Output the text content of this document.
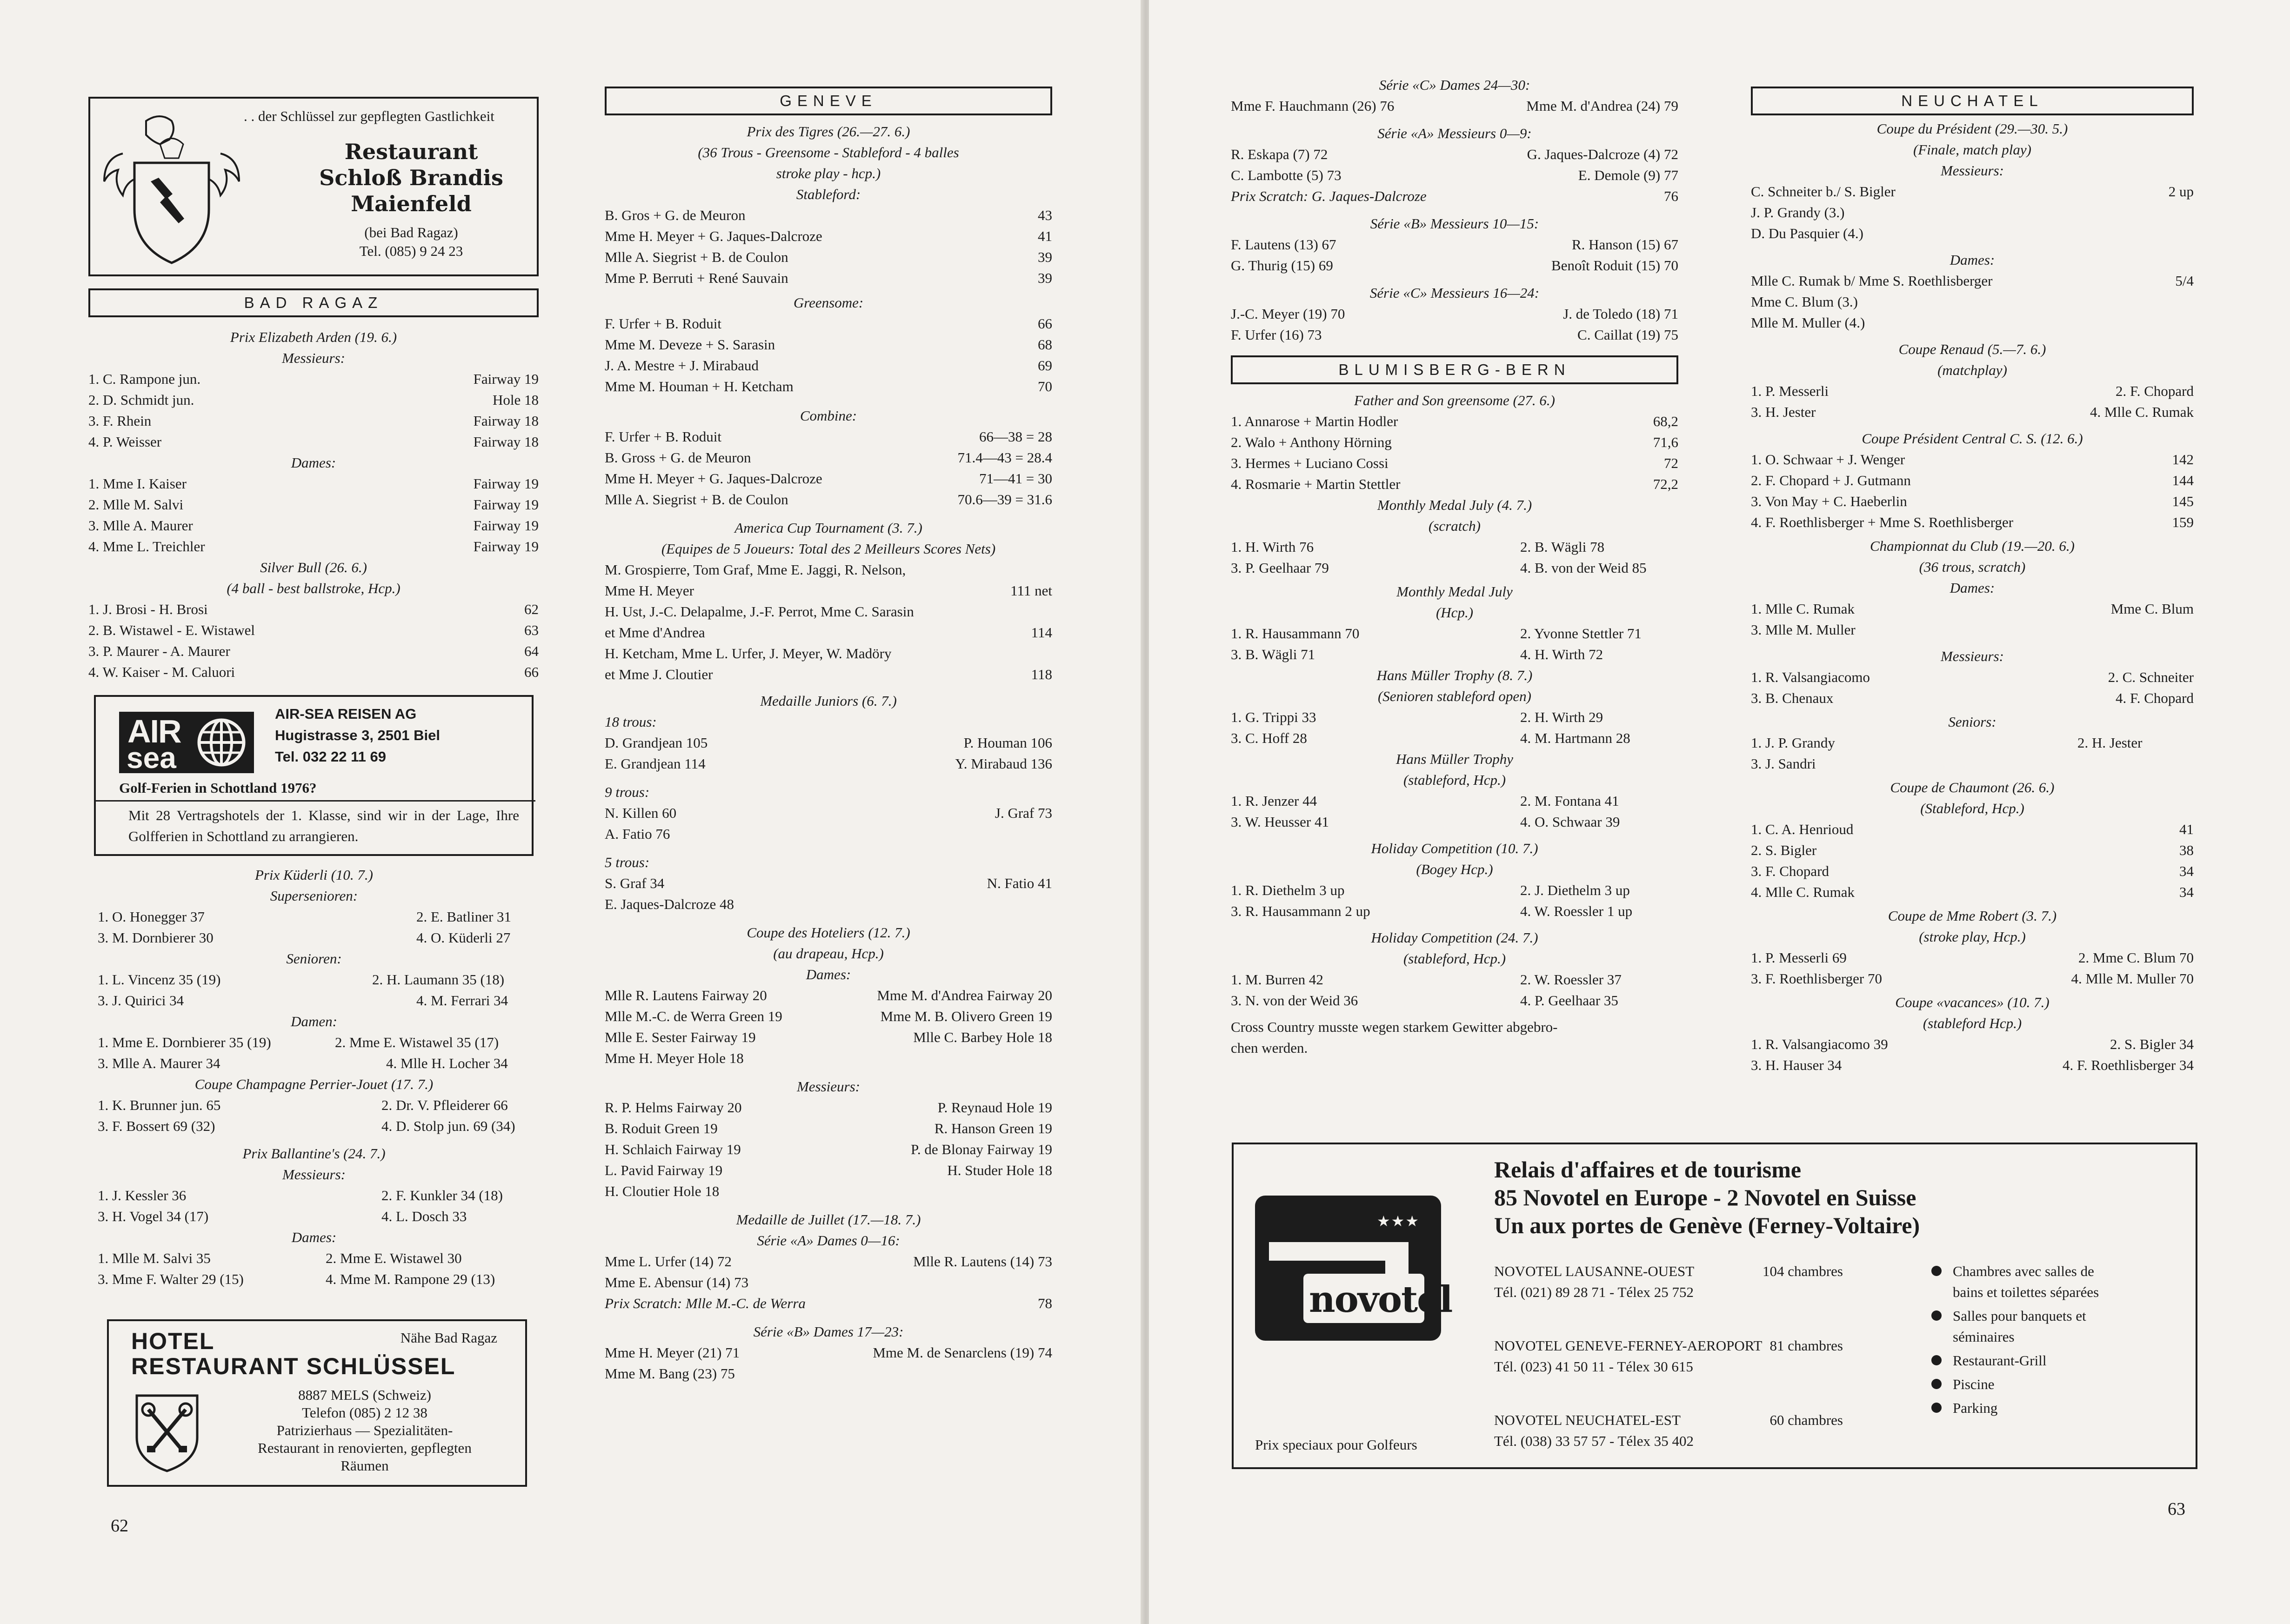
. . der Schlüssel zur gepflegten Gastlichkeit
Restaurant
Schloß Brandis
Maienfeld
(bei Bad Ragaz)
Tel. (085) 9 24 23
BAD RAGAZ
Prix Elizabeth Arden (19. 6.)
Messieurs:
1. C. Rampone jun.	Fairway 19
2. D. Schmidt jun.	Hole 18
3. F. Rhein	Fairway 18
4. P. Weisser	Fairway 18
Dames:
1. Mme I. Kaiser	Fairway 19
2. Mlle M. Salvi	Fairway 19
3. Mlle A. Maurer	Fairway 19
4. Mme L. Treichler	Fairway 19
Silver Bull (26. 6.)
(4 ball - best ballstroke, Hcp.)
1. J. Brosi - H. Brosi	62
2. B. Wistawel - E. Wistawel	63
3. P. Maurer - A. Maurer	64
4. W. Kaiser - M. Caluori	66
AIR
sea
AIR-SEA REISEN AG
Hugistrasse 3, 2501 Biel
Tel. 032 22 11 69
Golf-Ferien in Schottland 1976?
Mit 28 Vertragshotels der 1. Klasse, sind wir in der Lage, Ihre Golfferien in Schottland zu arrangieren.
Prix Küderli (10. 7.)
Supersenioren:
1. O. Honegger 37	2. E. Batliner 31
3. M. Dornbierer 30	4. O. Küderli 27
Senioren:
1. L. Vincenz 35 (19)	2. H. Laumann 35 (18)
3. J. Quirici 34	4. M. Ferrari 34
Damen:
1. Mme E. Dornbierer 35 (19)	2. Mme E. Wistawel 35 (17)
3. Mlle A. Maurer 34	4. Mlle H. Locher 34
Coupe Champagne Perrier-Jouet (17. 7.)
1. K. Brunner jun. 65	2. Dr. V. Pfleiderer 66
3. F. Bossert 69 (32)	4. D. Stolp jun. 69 (34)
Prix Ballantine's (24. 7.)
Messieurs:
1. J. Kessler 36	2. F. Kunkler 34 (18)
3. H. Vogel 34 (17)	4. L. Dosch 33
Dames:
1. Mlle M. Salvi 35	2. Mme E. Wistawel 30
3. Mme F. Walter 29 (15)	4. Mme M. Rampone 29 (13)
HOTEL
RESTAURANT SCHLÜSSEL
Nähe Bad Ragaz
8887 MELS (Schweiz)
Telefon (085) 2 12 38
Patrizierhaus — Spezialitäten-
Restaurant in renovierten, gepflegten
Räumen
62
GENEVE
Prix des Tigres (26.—27. 6.)
(36 Trous - Greensome - Stableford - 4 balles
stroke play - hcp.)
Stableford:
B. Gros + G. de Meuron	43
Mme H. Meyer + G. Jaques-Dalcroze	41
Mlle A. Siegrist + B. de Coulon	39
Mme P. Berruti + René Sauvain	39
Greensome:
F. Urfer + B. Roduit	66
Mme M. Deveze + S. Sarasin	68
J. A. Mestre + J. Mirabaud	69
Mme M. Houman + H. Ketcham	70
Combine:
F. Urfer + B. Roduit	66—38 = 28
B. Gross + G. de Meuron	71.4—43 = 28.4
Mme H. Meyer + G. Jaques-Dalcroze	71—41 = 30
Mlle A. Siegrist + B. de Coulon	70.6—39 = 31.6
America Cup Tournament (3. 7.)
(Equipes de 5 Joueurs: Total des 2 Meilleurs Scores Nets)
M. Grospierre, Tom Graf, Mme E. Jaggi, R. Nelson,
Mme H. Meyer	111 net
H. Ust, J.-C. Delapalme, J.-F. Perrot, Mme C. Sarasin
et Mme d'Andrea	114
H. Ketcham, Mme L. Urfer, J. Meyer, W. Madöry
et Mme J. Cloutier	118
Medaille Juniors (6. 7.)
18 trous:
D. Grandjean 105	P. Houman 106
E. Grandjean 114	Y. Mirabaud 136
9 trous:
N. Killen 60	J. Graf 73
A. Fatio 76
5 trous:
S. Graf 34	N. Fatio 41
E. Jaques-Dalcroze 48
Coupe des Hoteliers (12. 7.)
(au drapeau, Hcp.)
Dames:
Mlle R. Lautens Fairway 20	Mme M. d'Andrea Fairway 20
Mlle M.-C. de Werra Green 19	Mme M. B. Olivero Green 19
Mlle E. Sester Fairway 19	Mlle C. Barbey Hole 18
Mme H. Meyer Hole 18
Messieurs:
R. P. Helms Fairway 20	P. Reynaud Hole 19
B. Roduit Green 19	R. Hanson Green 19
H. Schlaich Fairway 19	P. de Blonay Fairway 19
L. Pavid Fairway 19	H. Studer Hole 18
H. Cloutier Hole 18
Medaille de Juillet (17.—18. 7.)
Série «A» Dames 0—16:
Mme L. Urfer (14) 72	Mlle R. Lautens (14) 73
Mme E. Abensur (14) 73
Prix Scratch: Mlle M.-C. de Werra	78
Série «B» Dames 17—23:
Mme H. Meyer (21) 71	Mme M. de Senarclens (19) 74
Mme M. Bang (23) 75
Série «C» Dames 24—30:
Mme F. Hauchmann (26) 76	Mme M. d'Andrea (24) 79
Série «A» Messieurs 0—9:
R. Eskapa (7) 72	G. Jaques-Dalcroze (4) 72
C. Lambotte (5) 73	E. Demole (9) 77
Prix Scratch: G. Jaques-Dalcroze	76
Série «B» Messieurs 10—15:
F. Lautens (13) 67	R. Hanson (15) 67
G. Thurig (15) 69	Benoît Roduit (15) 70
Série «C» Messieurs 16—24:
J.-C. Meyer (19) 70	J. de Toledo (18) 71
F. Urfer (16) 73	C. Caillat (19) 75
BLUMISBERG-BERN
Father and Son greensome (27. 6.)
1. Annarose + Martin Hodler	68,2
2. Walo + Anthony Hörning	71,6
3. Hermes + Luciano Cossi	72
4. Rosmarie + Martin Stettler	72,2
Monthly Medal July (4. 7.)
(scratch)
1. H. Wirth 76	2. B. Wägli 78
3. P. Geelhaar 79	4. B. von der Weid 85
Monthly Medal July
(Hcp.)
1. R. Hausammann 70	2. Yvonne Stettler 71
3. B. Wägli 71	4. H. Wirth 72
Hans Müller Trophy (8. 7.)
(Senioren stableford open)
1. G. Trippi 33	2. H. Wirth 29
3. C. Hoff 28	4. M. Hartmann 28
Hans Müller Trophy
(stableford, Hcp.)
1. R. Jenzer 44	2. M. Fontana 41
3. W. Heusser 41	4. O. Schwaar 39
Holiday Competition (10. 7.)
(Bogey Hcp.)
1. R. Diethelm 3 up	2. J. Diethelm 3 up
3. R. Hausammann 2 up	4. W. Roessler 1 up
Holiday Competition (24. 7.)
(stableford, Hcp.)
1. M. Burren 42	2. W. Roessler 37
3. N. von der Weid 36	4. P. Geelhaar 35
Cross Country musste wegen starkem Gewitter abgebro-
chen werden.
NEUCHATEL
Coupe du Président (29.—30. 5.)
(Finale, match play)
Messieurs:
C. Schneiter b./ S. Bigler	2 up
J. P. Grandy (3.)
D. Du Pasquier (4.)
Dames:
Mlle C. Rumak b/ Mme S. Roethlisberger	5/4
Mme C. Blum (3.)
Mlle M. Muller (4.)
Coupe Renaud (5.—7. 6.)
(matchplay)
1. P. Messerli	2. F. Chopard
3. H. Jester	4. Mlle C. Rumak
Coupe Président Central C. S. (12. 6.)
1. O. Schwaar + J. Wenger	142
2. F. Chopard + J. Gutmann	144
3. Von May + C. Haeberlin	145
4. F. Roethlisberger + Mme S. Roethlisberger	159
Championnat du Club (19.—20. 6.)
(36 trous, scratch)
Dames:
1. Mlle C. Rumak	Mme C. Blum
3. Mlle M. Muller
Messieurs:
1. R. Valsangiacomo	2. C. Schneiter
3. B. Chenaux	4. F. Chopard
Seniors:
1. J. P. Grandy	2. H. Jester
3. J. Sandri
Coupe de Chaumont (26. 6.)
(Stableford, Hcp.)
1. C. A. Henrioud	41
2. S. Bigler	38
3. F. Chopard	34
4. Mlle C. Rumak	34
Coupe de Mme Robert (3. 7.)
(stroke play, Hcp.)
1. P. Messerli 69	2. Mme C. Blum 70
3. F. Roethlisberger 70	4. Mlle M. Muller 70
Coupe «vacances» (10. 7.)
(stableford Hcp.)
1. R. Valsangiacomo 39	2. S. Bigler 34
3. H. Hauser 34	4. F. Roethlisberger 34
Relais d'affaires et de tourisme
85 Novotel en Europe - 2 Novotel en Suisse
Un aux portes de Genève (Ferney-Voltaire)
★★★
novotel
Prix speciaux pour Golfeurs
NOVOTEL LAUSANNE-OUEST
Tél. (021) 89 28 71 - Télex 25 752
104 chambres
NOVOTEL GENEVE-FERNEY-AEROPORT
Tél. (023) 41 50 11 - Télex 30 615
81 chambres
NOVOTEL NEUCHATEL-EST
Tél. (038) 33 57 57 - Télex 35 402
60 chambres
Chambres avec salles de bains et toilettes séparées
Salles pour banquets et séminaires
Restaurant-Grill
Piscine
Parking
63
